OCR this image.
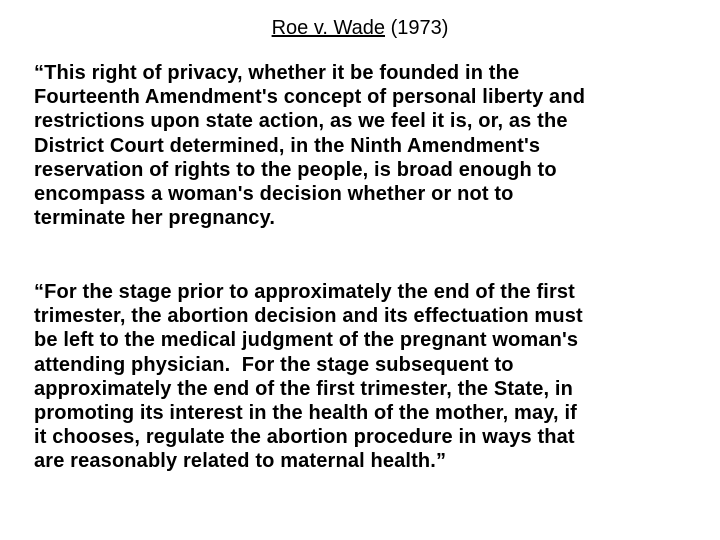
Roe v. Wade (1973)

“This right of privacy, whether it be founded in the
Fourteenth Amendment's concept of personal liberty and
restrictions upon state action, as we feel it is, or, as the
District Court determined, in the Ninth Amendment's
reservation of rights to the people, is broad enough to
encompass a woman's decision whether or not to
terminate her pregnancy.

“For the stage prior to approximately the end of the first
trimester, the abortion decision and its effectuation must
be left to the medical judgment of the pregnant woman's
attending physician.  For the stage subsequent to
approximately the end of the first trimester, the State, in
promoting its interest in the health of the mother, may, if
it chooses, regulate the abortion procedure in ways that
are reasonably related to maternal health.”
